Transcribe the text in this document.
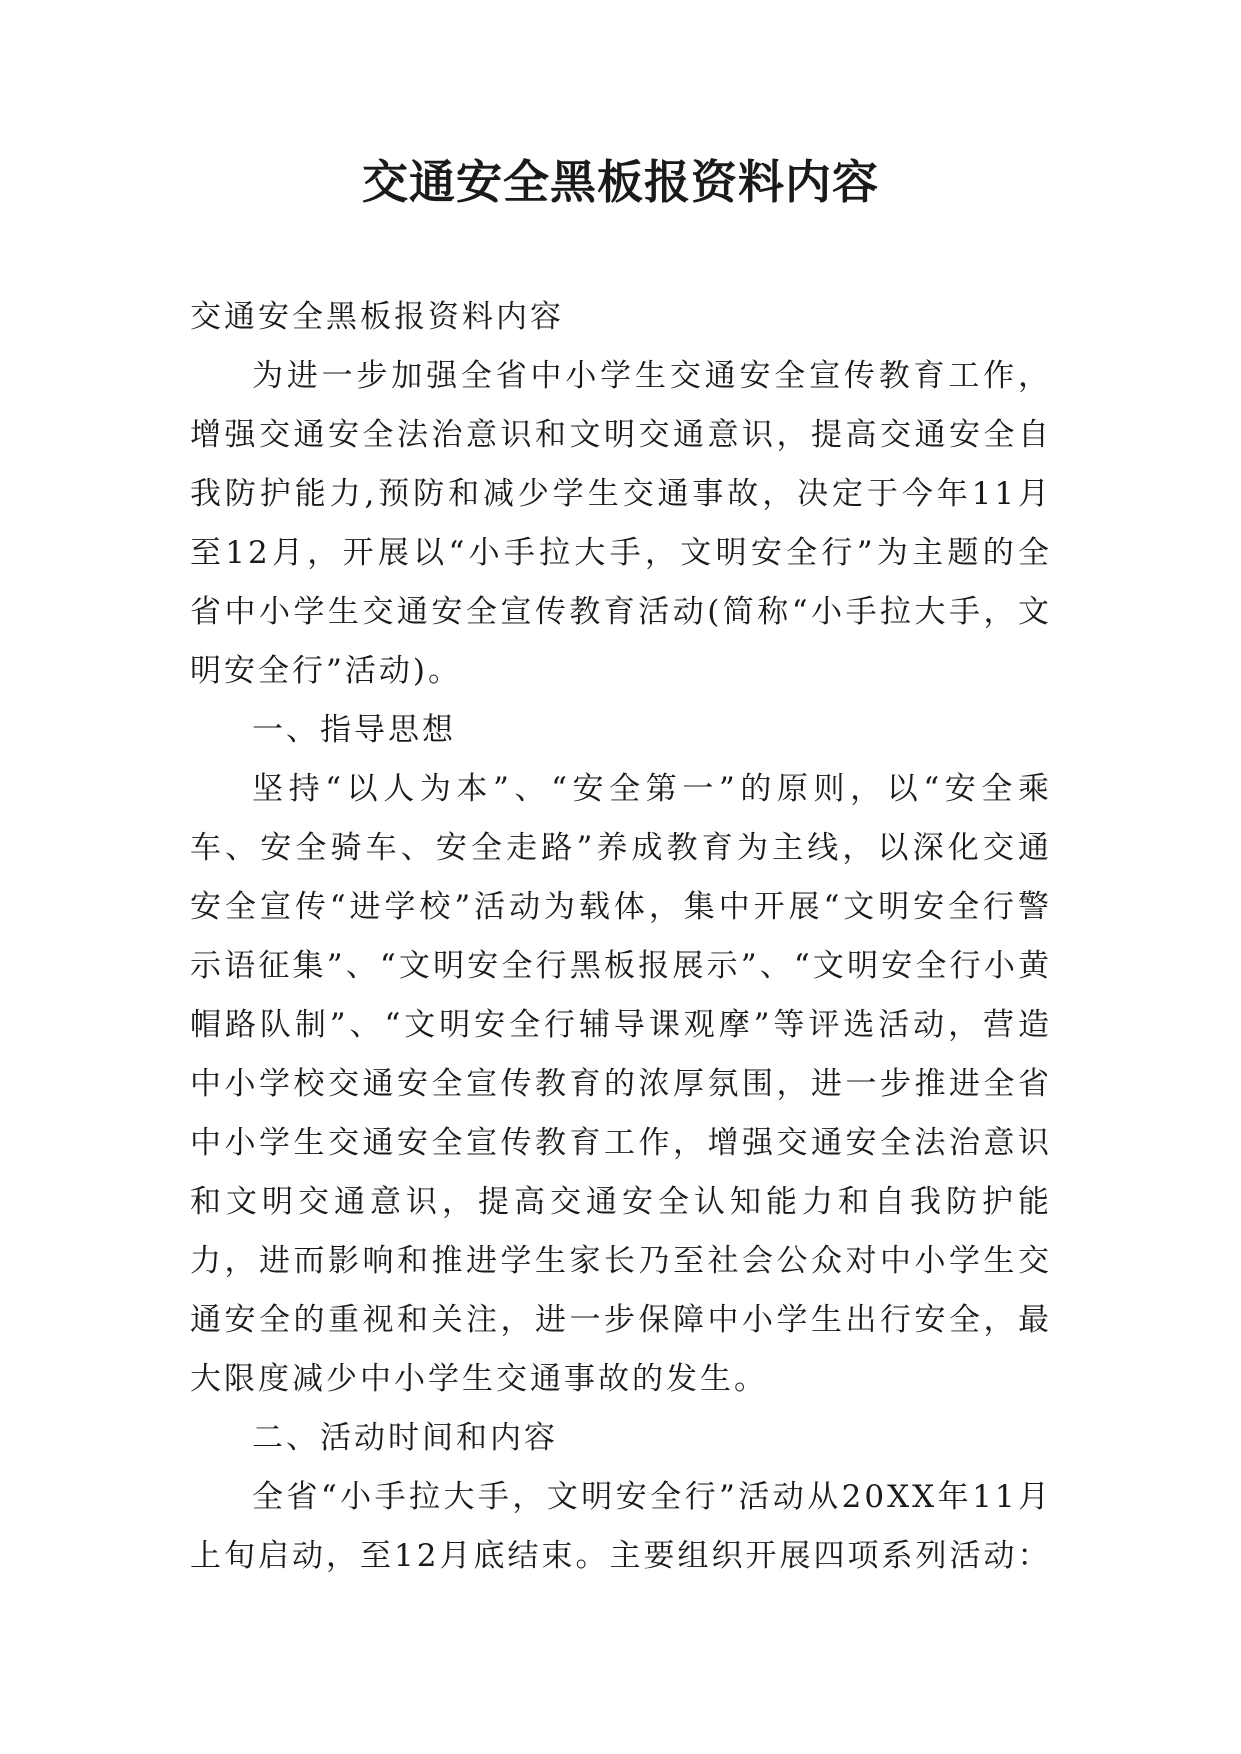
交通安全黑板报资料内容

交通安全黑板报资料内容

为进一步加强全省中小学生交通安全宣传教育工作，增强交通安全法治意识和文明交通意识，提高交通安全自我防护能力,预防和减少学生交通事故，决定于今年11月至12月，开展以“小手拉大手，文明安全行”为主题的全省中小学生交通安全宣传教育活动(简称“小手拉大手，文明安全行”活动)。

一、指导思想

坚持“以人为本”、“安全第一”的原则，以“安全乘车、安全骑车、安全走路”养成教育为主线，以深化交通安全宣传“进学校”活动为载体，集中开展“文明安全行警示语征集”、“文明安全行黑板报展示”、“文明安全行小黄帽路队制”、“文明安全行辅导课观摩”等评选活动，营造中小学校交通安全宣传教育的浓厚氛围，进一步推进全省中小学生交通安全宣传教育工作，增强交通安全法治意识和文明交通意识，提高交通安全认知能力和自我防护能力，进而影响和推进学生家长乃至社会公众对中小学生交通安全的重视和关注，进一步保障中小学生出行安全，最大限度减少中小学生交通事故的发生。

二、活动时间和内容

全省“小手拉大手，文明安全行”活动从20XX年11月上旬启动，至12月底结束。主要组织开展四项系列活动：
